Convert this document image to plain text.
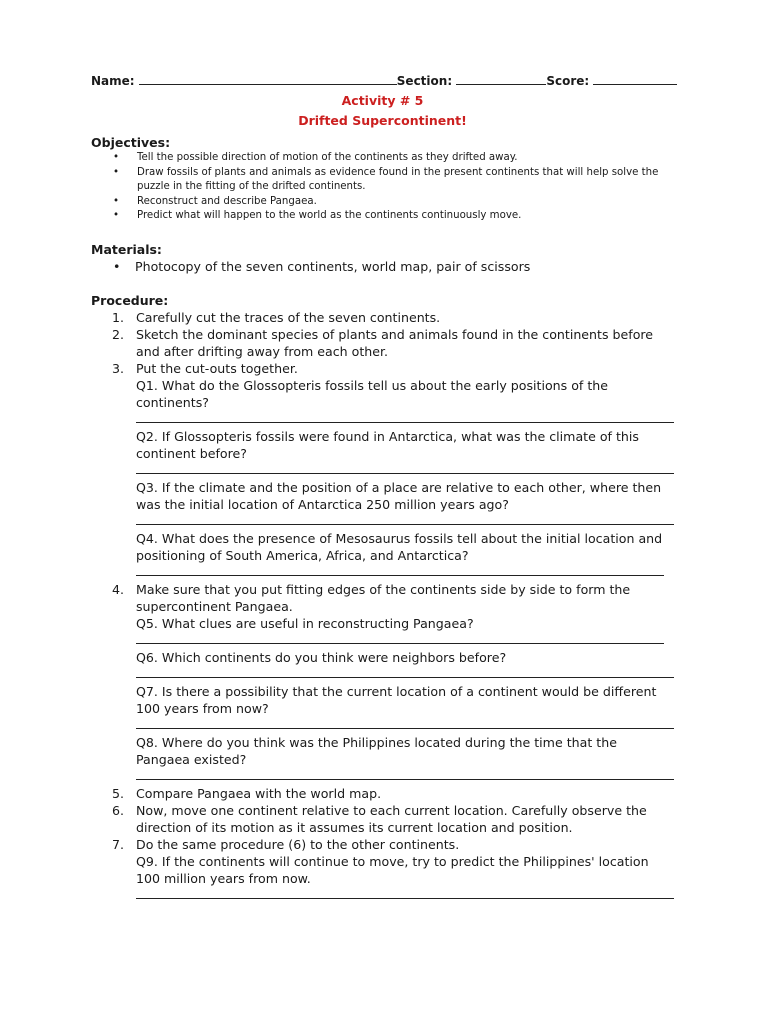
Name:	Section:	Score:
Activity # 5
Drifted Supercontinent!
Objectives:
• Tell the possible direction of motion of the continents as they drifted away.
• Draw fossils of plants and animals as evidence found in the present continents that will help solve the puzzle in the fitting of the drifted continents.
• Reconstruct and describe Pangaea.
• Predict what will happen to the world as the continents continuously move.
Materials:
• Photocopy of the seven continents, world map, pair of scissors
Procedure:
1. Carefully cut the traces of the seven continents.
2. Sketch the dominant species of plants and animals found in the continents before and after drifting away from each other.
3. Put the cut-outs together.
Q1. What do the Glossopteris fossils tell us about the early positions of the continents?
Q2. If Glossopteris fossils were found in Antarctica, what was the climate of this continent before?
Q3. If the climate and the position of a place are relative to each other, where then was the initial location of Antarctica 250 million years ago?
Q4. What does the presence of Mesosaurus fossils tell about the initial location and positioning of South America, Africa, and Antarctica?
4. Make sure that you put fitting edges of the continents side by side to form the supercontinent Pangaea.
Q5. What clues are useful in reconstructing Pangaea?
Q6. Which continents do you think were neighbors before?
Q7. Is there a possibility that the current location of a continent would be different 100 years from now?
Q8. Where do you think was the Philippines located during the time that the Pangaea existed?
5. Compare Pangaea with the world map.
6. Now, move one continent relative to each current location. Carefully observe the direction of its motion as it assumes its current location and position.
7. Do the same procedure (6) to the other continents.
Q9. If the continents will continue to move, try to predict the Philippines' location 100 million years from now.
